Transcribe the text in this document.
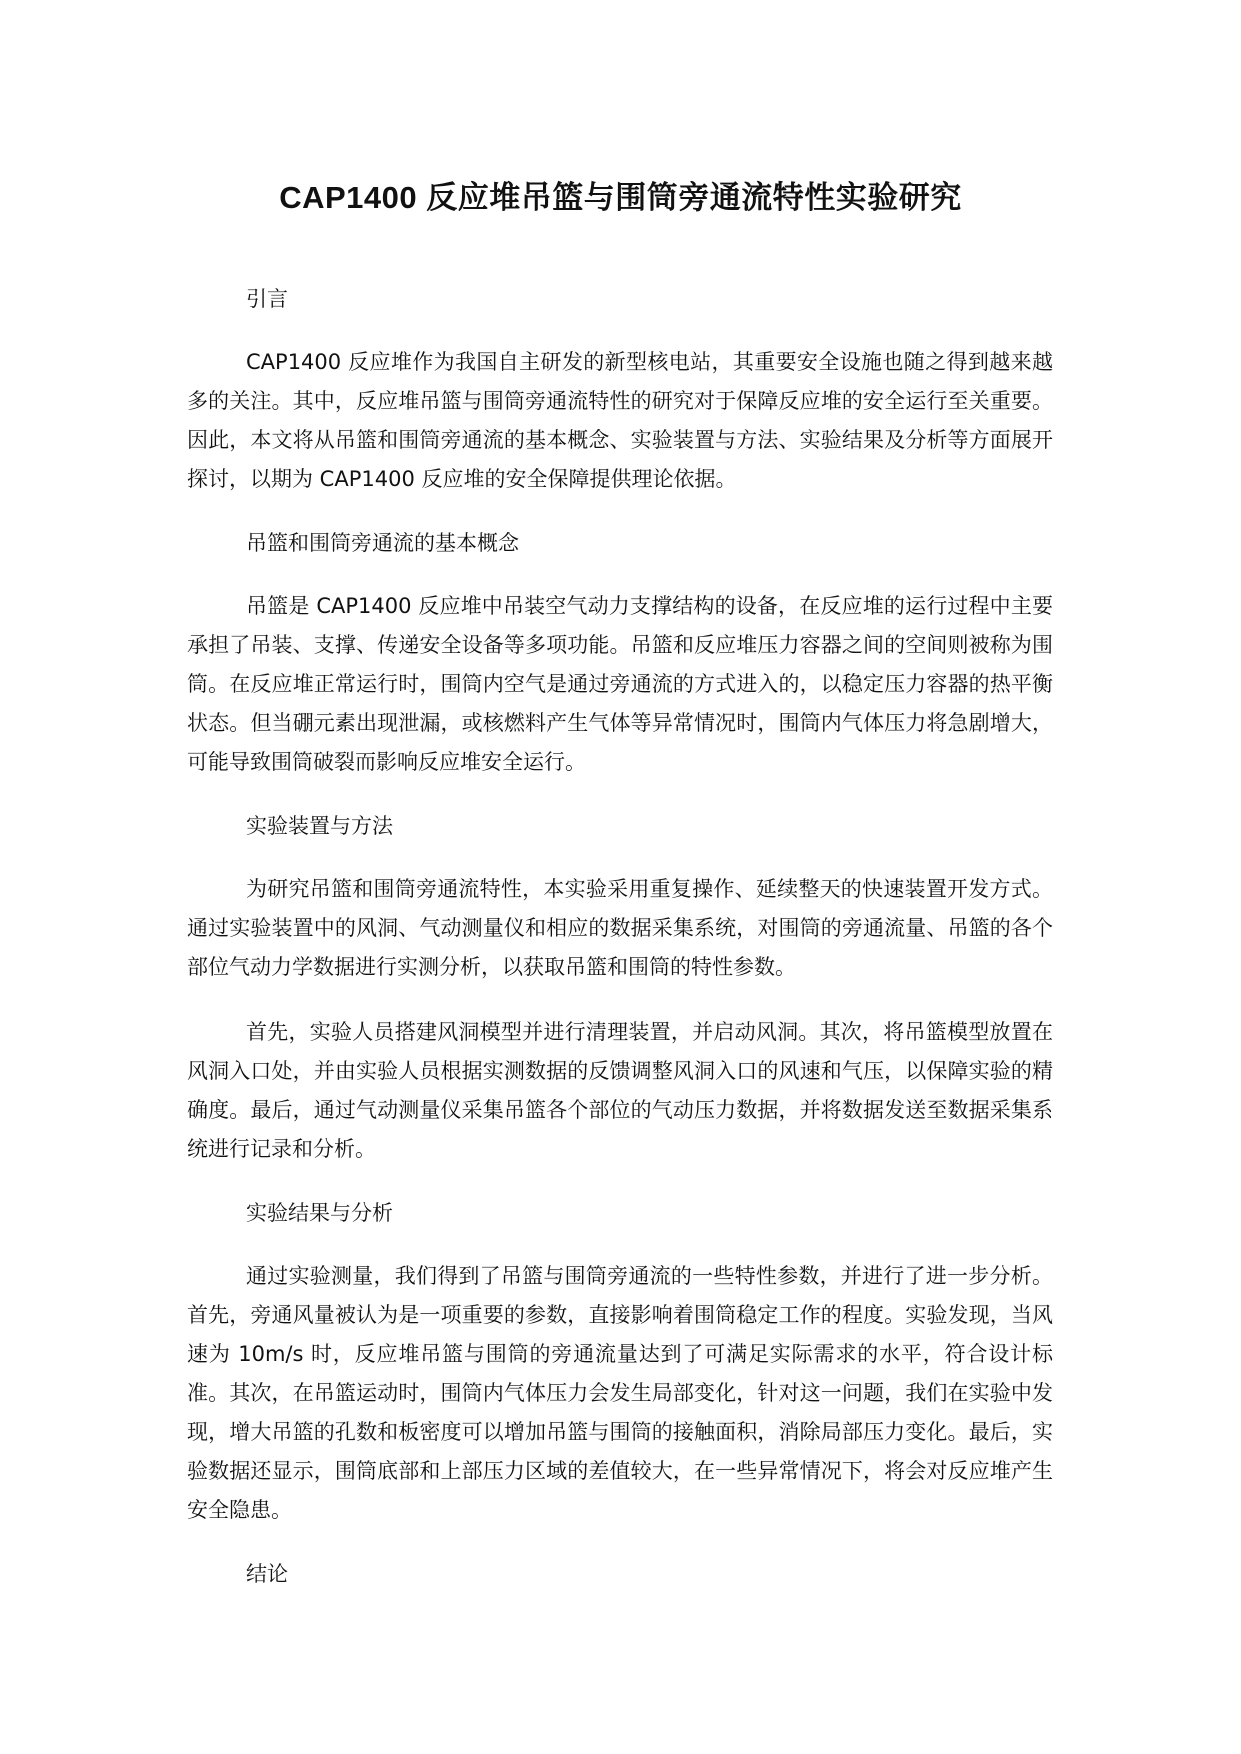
CAP1400 反应堆吊篮与围筒旁通流特性实验研究
引言

CAP1400 反应堆作为我国自主研发的新型核电站，其重要安全设施也随之得到越来越多的关注。其中，反应堆吊篮与围筒旁通流特性的研究对于保障反应堆的安全运行至关重要。因此，本文将从吊篮和围筒旁通流的基本概念、实验装置与方法、实验结果及分析等方面展开探讨，以期为 CAP1400 反应堆的安全保障提供理论依据。

吊篮和围筒旁通流的基本概念

吊篮是 CAP1400 反应堆中吊装空气动力支撑结构的设备，在反应堆的运行过程中主要承担了吊装、支撑、传递安全设备等多项功能。吊篮和反应堆压力容器之间的空间则被称为围筒。在反应堆正常运行时，围筒内空气是通过旁通流的方式进入的，以稳定压力容器的热平衡状态。但当硼元素出现泄漏，或核燃料产生气体等异常情况时，围筒内气体压力将急剧增大，可能导致围筒破裂而影响反应堆安全运行。

实验装置与方法

为研究吊篮和围筒旁通流特性，本实验采用重复操作、延续整天的快速装置开发方式。通过实验装置中的风洞、气动测量仪和相应的数据采集系统，对围筒的旁通流量、吊篮的各个部位气动力学数据进行实测分析，以获取吊篮和围筒的特性参数。

首先，实验人员搭建风洞模型并进行清理装置，并启动风洞。其次，将吊篮模型放置在风洞入口处，并由实验人员根据实测数据的反馈调整风洞入口的风速和气压，以保障实验的精确度。最后，通过气动测量仪采集吊篮各个部位的气动压力数据，并将数据发送至数据采集系统进行记录和分析。

实验结果与分析

通过实验测量，我们得到了吊篮与围筒旁通流的一些特性参数，并进行了进一步分析。首先，旁通风量被认为是一项重要的参数，直接影响着围筒稳定工作的程度。实验发现，当风速为 10m/s 时，反应堆吊篮与围筒的旁通流量达到了可满足实际需求的水平，符合设计标准。其次，在吊篮运动时，围筒内气体压力会发生局部变化，针对这一问题，我们在实验中发现，增大吊篮的孔数和板密度可以增加吊篮与围筒的接触面积，消除局部压力变化。最后，实验数据还显示，围筒底部和上部压力区域的差值较大，在一些异常情况下，将会对反应堆产生安全隐患。

结论
